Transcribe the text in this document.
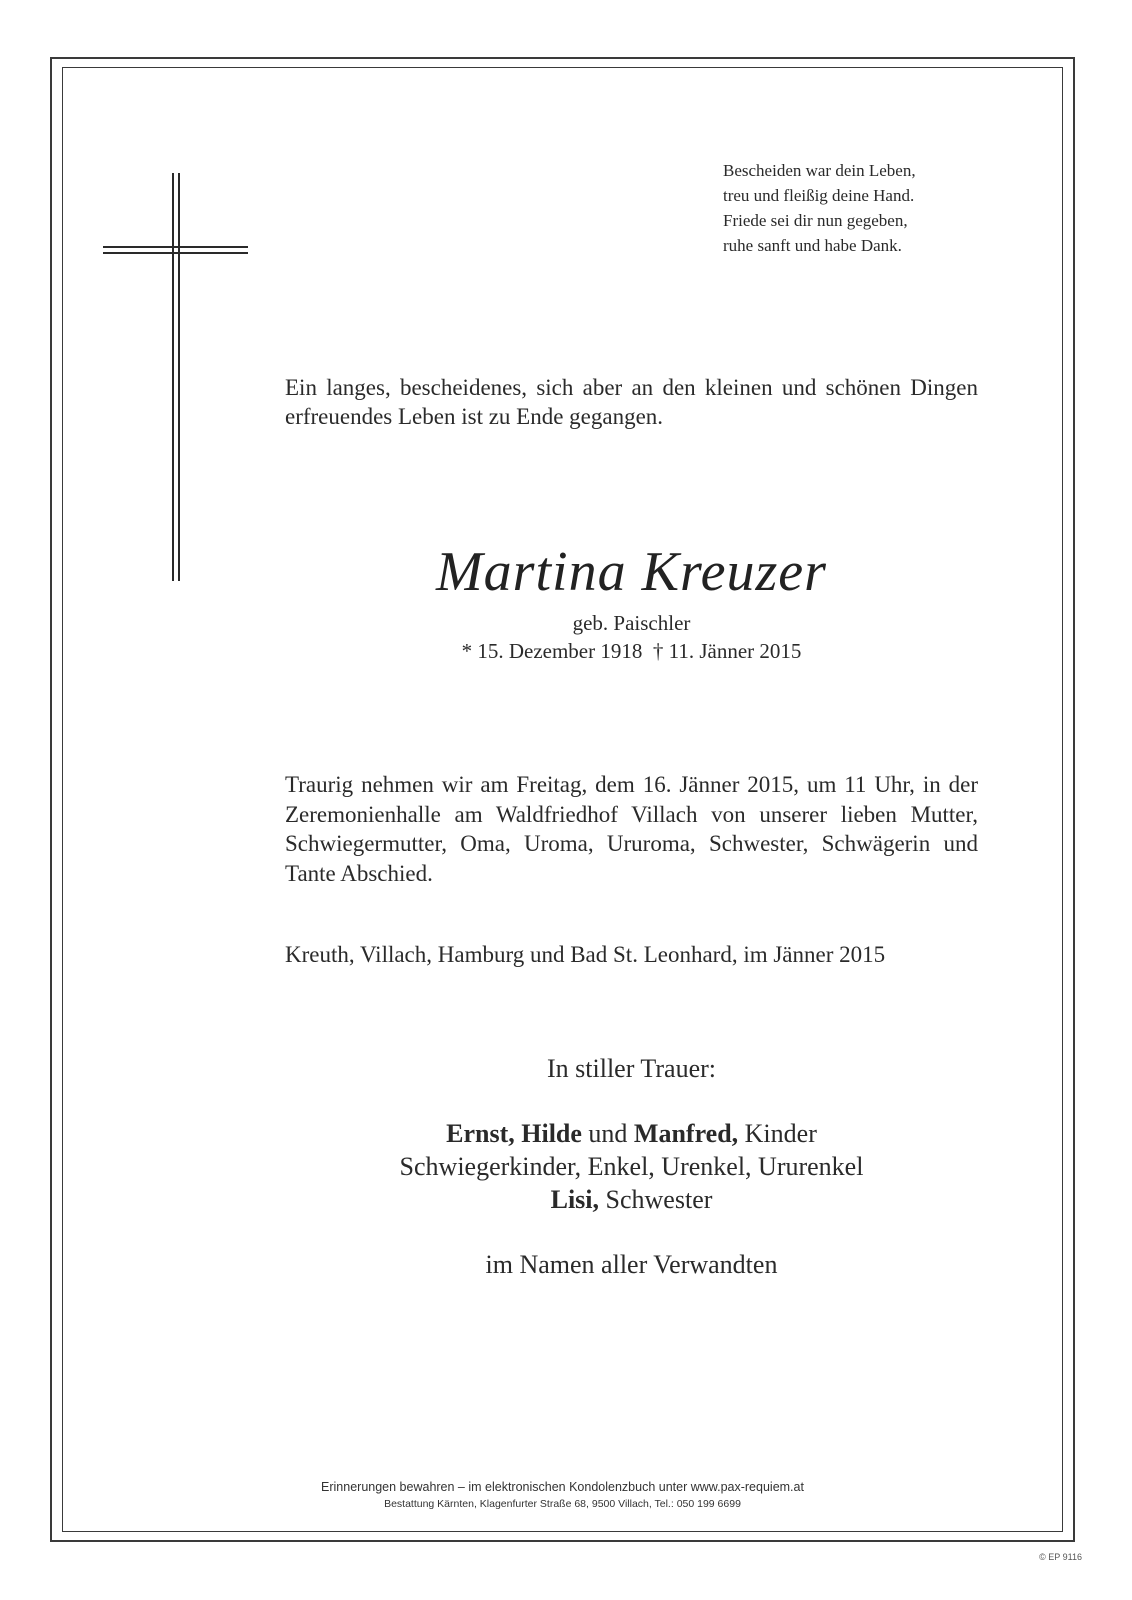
Bescheiden war dein Leben,
treu und fleißig deine Hand.
Friede sei dir nun gegeben,
ruhe sanft und habe Dank.
Ein langes, bescheidenes, sich aber an den kleinen und schönen Dingen erfreuendes Leben ist zu Ende gegangen.
Martina Kreuzer
geb. Paischler
* 15. Dezember 1918  † 11. Jänner 2015
Traurig nehmen wir am Freitag, dem 16. Jänner 2015, um 11 Uhr, in der Zeremonienhalle am Waldfriedhof Villach von unserer lieben Mutter, Schwiegermutter, Oma, Uroma, Ururoma, Schwester, Schwägerin und Tante Abschied.
Kreuth, Villach, Hamburg und Bad St. Leonhard, im Jänner 2015
In stiller Trauer:
Ernst, Hilde und Manfred, Kinder
Schwiegerkinder, Enkel, Urenkel, Ururenkel
Lisi, Schwester
im Namen aller Verwandten
Erinnerungen bewahren – im elektronischen Kondolenzbuch unter www.pax-requiem.at
Bestattung Kärnten, Klagenfurter Straße 68, 9500 Villach, Tel.: 050 199 6699
© EP 9116
